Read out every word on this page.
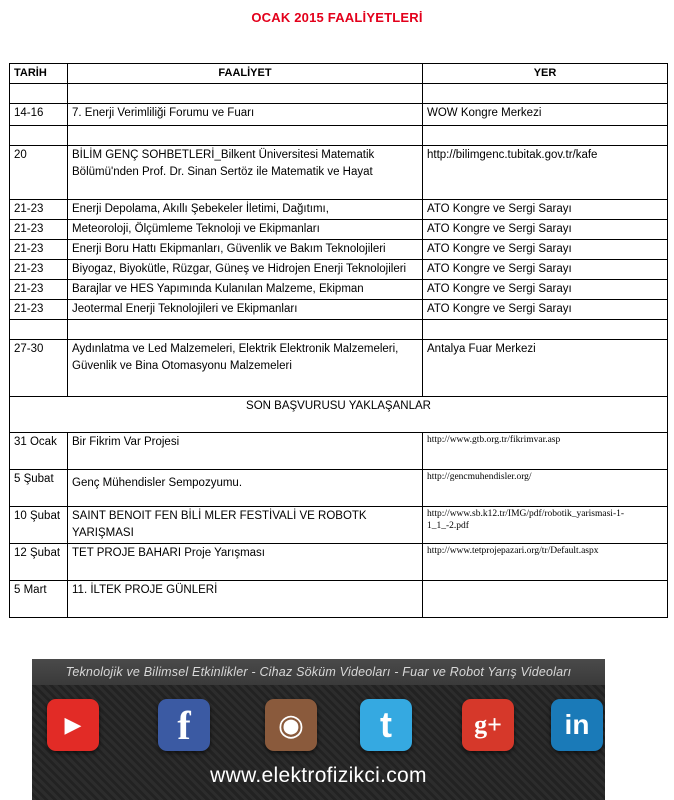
OCAK 2015 FAALİYETLERİ
TARİH	FAALİYET	YER

14-16	7. Enerji Verimliliği Forumu ve Fuarı	WOW Kongre Merkezi

20	BİLİM GENÇ SOHBETLERİ_Bilkent Üniversitesi Matematik Bölümü'nden Prof. Dr. Sinan Sertöz ile Matematik ve Hayat	http://bilimgenc.tubitak.gov.tr/kafe
21-23	Enerji Depolama, Akıllı Şebekeler İletimi, Dağıtımı,	ATO Kongre ve Sergi Sarayı
21-23	Meteoroloji, Ölçümleme Teknoloji ve Ekipmanları	ATO Kongre ve Sergi Sarayı
21-23	Enerji Boru Hattı Ekipmanları, Güvenlik ve Bakım Teknolojileri	ATO Kongre ve Sergi Sarayı
21-23	Biyogaz, Biyokütle, Rüzgar, Güneş ve Hidrojen Enerji Teknolojileri	ATO Kongre ve Sergi Sarayı
21-23	Barajlar ve HES Yapımında Kulanılan Malzeme, Ekipman	ATO Kongre ve Sergi Sarayı
21-23	Jeotermal Enerji Teknolojileri ve Ekipmanları	ATO Kongre ve Sergi Sarayı

27-30	Aydınlatma ve Led Malzemeleri, Elektrik Elektronik Malzemeleri, Güvenlik ve Bina Otomasyonu Malzemeleri	Antalya Fuar Merkezi
SON BAŞVURUSU YAKLAŞANLAR		
31 Ocak	Bir Fikrim Var Projesi	http://www.gtb.org.tr/fikrimvar.asp
5 Şubat	Genç Mühendisler Sempozyumu.	http://gencmuhendisler.org/
10 Şubat	SAINT BENOIT FEN BİLİ MLER FESTİVALİ VE ROBOTK YARIŞMASI	http://www.sb.k12.tr/IMG/pdf/robotik_yarismasi-1-1_1_-2.pdf
12 Şubat	TET PROJE BAHARI Proje Yarışması	http://www.tetprojepazari.org/tr/Default.aspx
5 Mart	11. İLTEK PROJE GÜNLERİ	
Teknolojik ve Bilimsel Etkinlikler - Cihaz Söküm Videoları - Fuar ve Robot Yarış Videoları
▶ f	◉ t	g+ in
www.elektrofizikci.com
